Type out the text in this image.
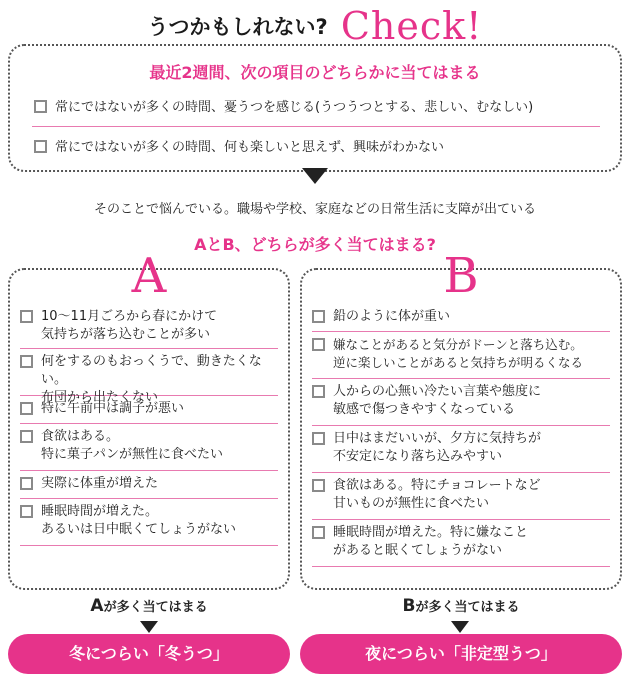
うつかもしれない? Check!
最近2週間、次の項目のどちらかに当てはまる
常にではないが多くの時間、憂うつを感じる(うつうつとする、悲しい、むなしい)
常にではないが多くの時間、何も楽しいと思えず、興味がわかない
そのことで悩んでいる。職場や学校、家庭などの日常生活に支障が出ている
AとB、どちらが多く当てはまる?
A
10〜11月ごろから春にかけて
気持ちが落ち込むことが多い
何をするのもおっくうで、動きたくない。
布団から出たくない
特に午前中は調子が悪い
食欲はある。
特に菓子パンが無性に食べたい
実際に体重が増えた
睡眠時間が増えた。
あるいは日中眠くてしょうがない
B
鉛のように体が重い
嫌なことがあると気分がドーンと落ち込む。
逆に楽しいことがあると気持ちが明るくなる
人からの心無い冷たい言葉や態度に
敏感で傷つきやすくなっている
日中はまだいいが、夕方に気持ちが
不安定になり落ち込みやすい
食欲はある。特にチョコレートなど
甘いものが無性に食べたい
睡眠時間が増えた。特に嫌なこと
があると眠くてしょうがない
Aが多く当てはまる	Bが多く当てはまる
冬につらい「冬うつ」	夜につらい「非定型うつ」
